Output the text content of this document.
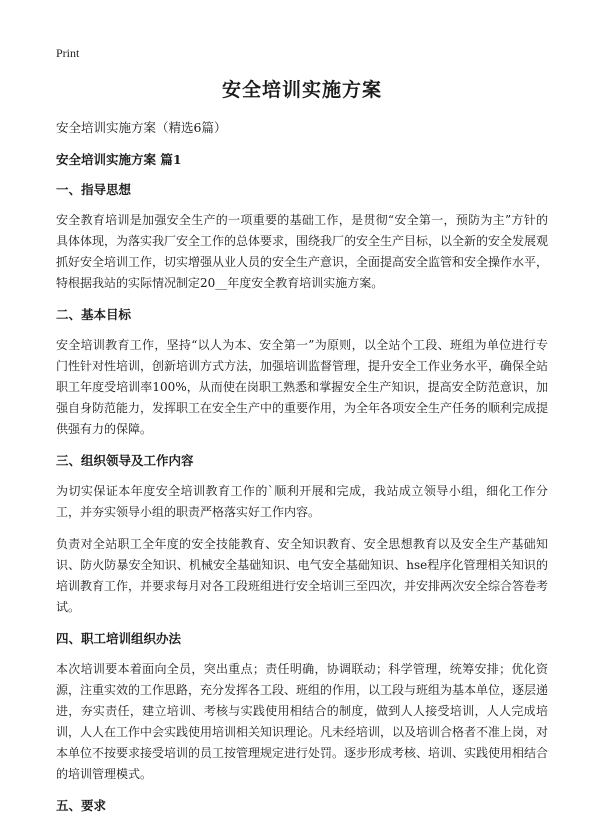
Print
安全培训实施方案
安全培训实施方案（精选6篇）
安全培训实施方案 篇1
一、指导思想
安全教育培训是加强安全生产的一项重要的基础工作，是贯彻“安全第一，预防为主”方针的具体体现，为落实我厂安全工作的总体要求，围绕我厂的安全生产目标，以全新的安全发展观抓好安全培训工作，切实增强从业人员的安全生产意识，全面提高安全监管和安全操作水平，特根据我站的实际情况制定20__年度安全教育培训实施方案。
二、基本目标
安全培训教育工作，坚持“以人为本、安全第一”为原则，以全站个工段、班组为单位进行专门性针对性培训，创新培训方式方法，加强培训监督管理，提升安全工作业务水平，确保全站职工年度受培训率100%，从而使在岗职工熟悉和掌握安全生产知识，提高安全防范意识，加强自身防范能力，发挥职工在安全生产中的重要作用，为全年各项安全生产任务的顺利完成提供强有力的保障。
三、组织领导及工作内容
为切实保证本年度安全培训教育工作的`顺利开展和完成，我站成立领导小组，细化工作分工，并夯实领导小组的职责严格落实好工作内容。
负责对全站职工全年度的安全技能教育、安全知识教育、安全思想教育以及安全生产基础知识、防火防暴安全知识、机械安全基础知识、电气安全基础知识、hse程序化管理相关知识的培训教育工作，并要求每月对各工段班组进行安全培训三至四次，并安排两次安全综合答卷考试。
四、职工培训组织办法
本次培训要本着面向全员，突出重点；责任明确，协调联动；科学管理，统筹安排；优化资源，注重实效的工作思路，充分发挥各工段、班组的作用，以工段与班组为基本单位，逐层递进，夯实责任，建立培训、考核与实践使用相结合的制度，做到人人接受培训，人人完成培训，人人在工作中会实践使用培训相关知识理论。凡未经培训，以及培训合格者不准上岗，对本单位不按要求接受培训的员工按管理规定进行处罚。逐步形成考核、培训、实践使用相结合的培训管理模式。
五、要求
